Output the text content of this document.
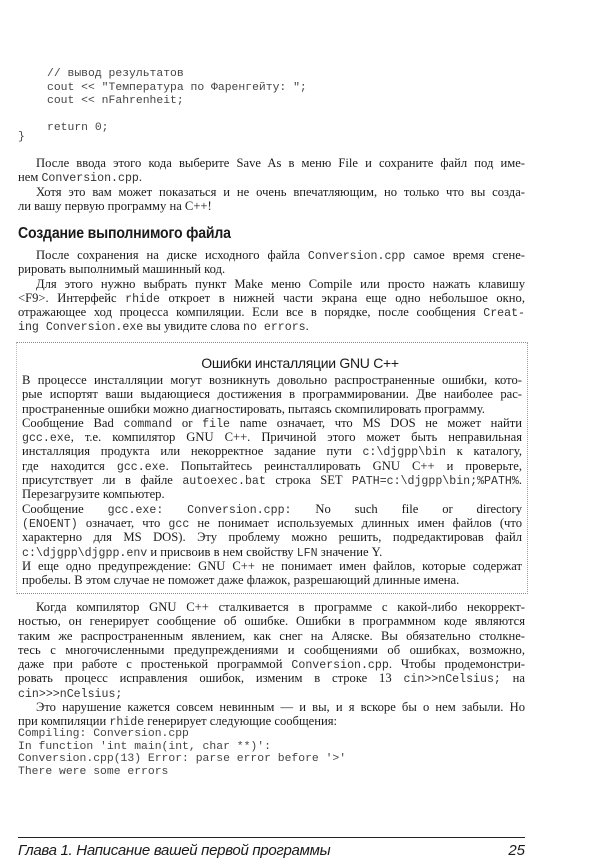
// вывод результатов
cout << "Температура по Фаренгейту: ";
cout << nFahrenheit;
return 0;
}
После ввода этого кода выберите Save As в меню File и сохраните файл под име-
нем Conversion.cpp.
Хотя это вам может показаться и не очень впечатляющим, но только что вы созда-
ли вашу первую программу на C++!
Создание выполнимого файла
После сохранения на диске исходного файла Conversion.cpp самое время сгене-
рировать выполнимый машинный код.
Для этого нужно выбрать пункт Make меню Compile или просто нажать клавишу
<F9>. Интерфейс rhide откроет в нижней части экрана еще одно небольшое окно,
отражающее ход процесса компиляции. Если все в порядке, после сообщения Creat-
ing Conversion.exe вы увидите слова no errors.
Ошибки инсталляции GNU C++
В процессе инсталляции могут возникнуть довольно распространенные ошибки, кото-
рые испортят ваши выдающиеся достижения в программировании. Две наиболее рас-
пространенные ошибки можно диагностировать, пытаясь скомпилировать программу.
Сообщение Bad command or file name означает, что MS DOS не может найти
gcc.exe, т.е. компилятор GNU C++. Причиной этого может быть неправильная
инсталляция продукта или некорректное задание пути c:\djgpp\bin к каталогу,
где находится gcc.exe. Попытайтесь реинсталлировать GNU C++ и проверьте,
присутствует ли в файле autoexec.bat строка SET PATH=c:\djgpp\bin;%PATH%.
Перезагрузите компьютер.
Сообщение gcc.exe: Conversion.cpp: No such file or directory
(ENOENT) означает, что gcc не понимает используемых длинных имен файлов (что
характерно для MS DOS). Эту проблему можно решить, подредактировав файл
c:\djgpp\djgpp.env и присвоив в нем свойству LFN значение Y.
И еще одно предупреждение: GNU C++ не понимает имен файлов, которые содержат
пробелы. В этом случае не поможет даже флажок, разрешающий длинные имена.
Когда компилятор GNU C++ сталкивается в программе с какой-либо некоррект-
ностью, он генерирует сообщение об ошибке. Ошибки в программном коде являются
таким же распространенным явлением, как снег на Аляске. Вы обязательно столкне-
тесь с многочисленными предупреждениями и сообщениями об ошибках, возможно,
даже при работе с простенькой программой Conversion.cpp. Чтобы продемонстри-
ровать процесс исправления ошибок, изменим в строке 13 cin>>nCelsius; на
cin>>>nCelsius;
Это нарушение кажется совсем невинным — и вы, и я вскоре бы о нем забыли. Но
при компиляции rhide генерирует следующие сообщения:
Compiling: Conversion.cpp
In function 'int main(int, char **)':
Conversion.cpp(13) Error: parse error before '>'
There were some errors
Глава 1. Написание вашей первой программы	25
